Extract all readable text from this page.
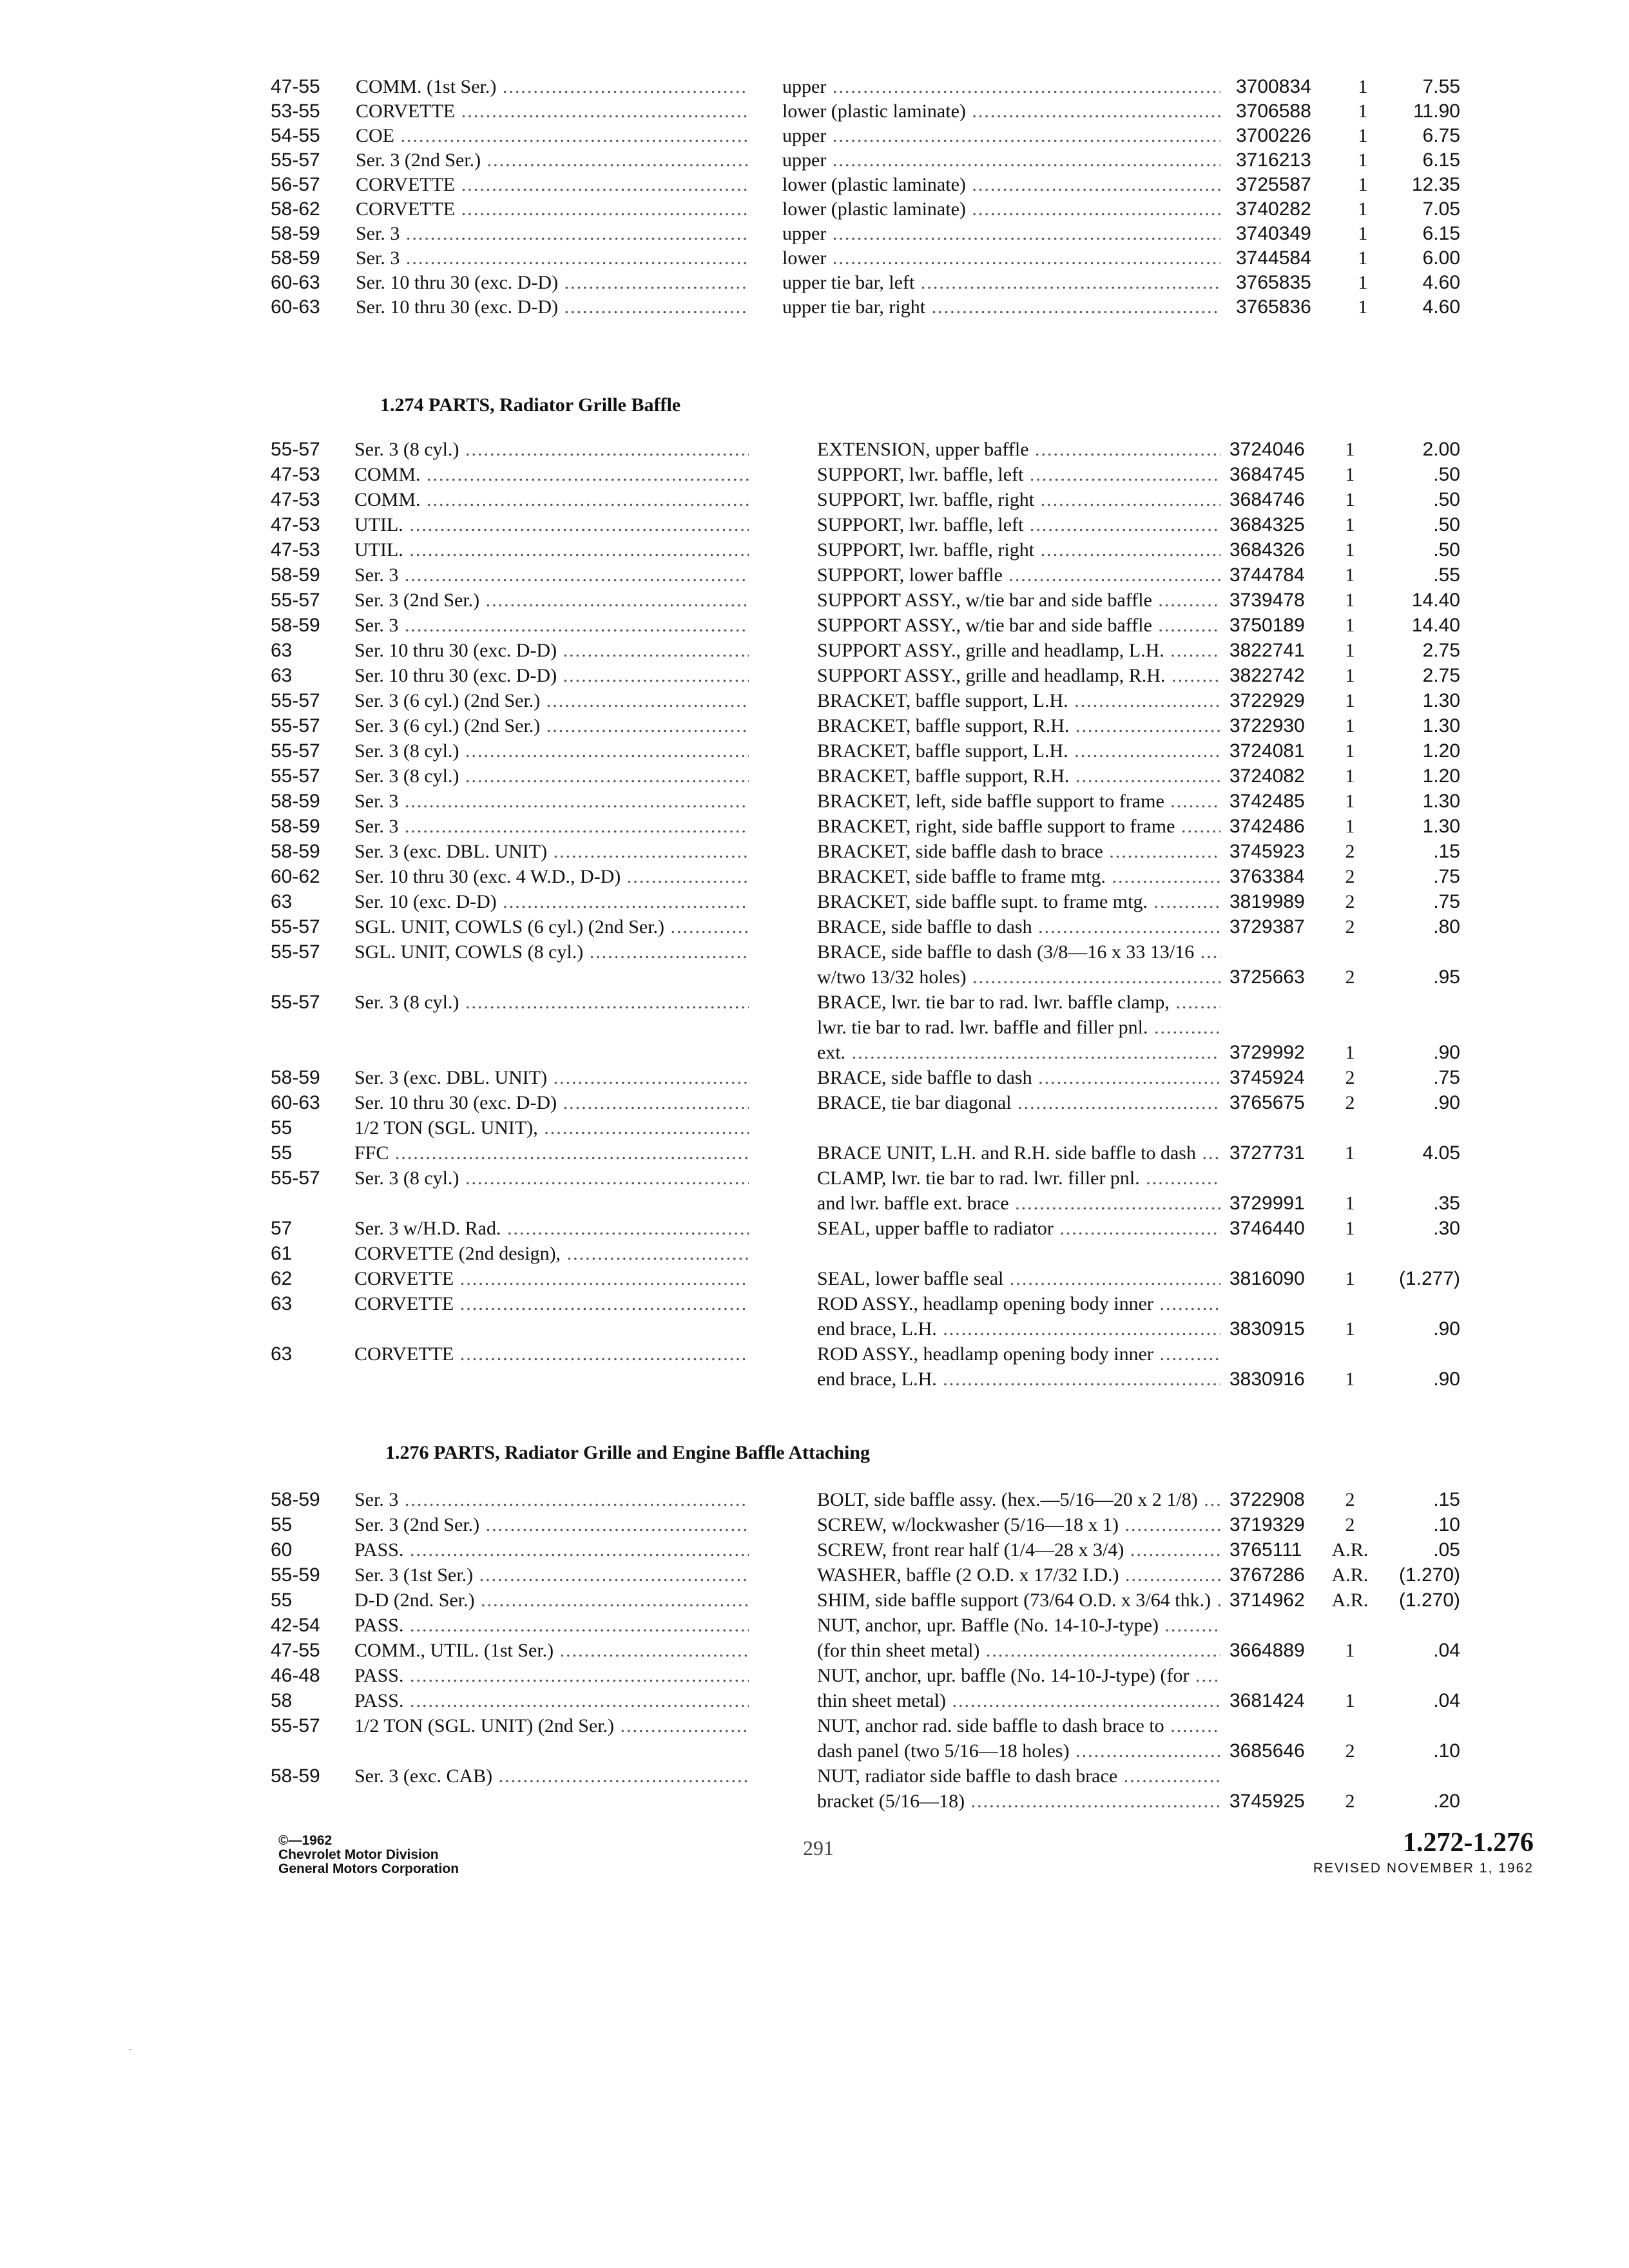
47-55	COMM. (1st Ser.) .....	upper .....	3700834	1	7.55
53-55	CORVETTE .....	lower (plastic laminate) .....	3706588	1	11.90
54-55	COE .....	upper .....	3700226	1	6.75
55-57	Ser. 3 (2nd Ser.) .....	upper .....	3716213	1	6.15
56-57	CORVETTE .....	lower (plastic laminate) .....	3725587	1	12.35
58-62	CORVETTE .....	lower (plastic laminate) .....	3740282	1	7.05
58-59	Ser. 3 .....	upper .....	3740349	1	6.15
58-59	Ser. 3 .....	lower .....	3744584	1	6.00
60-63	Ser. 10 thru 30 (exc. D-D) .....	upper tie bar, left .....	3765835	1	4.60
60-63	Ser. 10 thru 30 (exc. D-D) .....	upper tie bar, right .....	3765836	1	4.60
1.274 PARTS, Radiator Grille Baffle
55-57	Ser. 3 (8 cyl.) .....	EXTENSION, upper baffle .....	3724046	1	2.00
47-53	COMM. .....	SUPPORT, lwr. baffle, left .....	3684745	1	.50
47-53	COMM. .....	SUPPORT, lwr. baffle, right .....	3684746	1	.50
47-53	UTIL. .....	SUPPORT, lwr. baffle, left .....	3684325	1	.50
47-53	UTIL. .....	SUPPORT, lwr. baffle, right .....	3684326	1	.50
58-59	Ser. 3 .....	SUPPORT, lower baffle .....	3744784	1	.55
55-57	Ser. 3 (2nd Ser.) .....	SUPPORT ASSY., w/tie bar and side baffle .....	3739478	1	14.40
58-59	Ser. 3 .....	SUPPORT ASSY., w/tie bar and side baffle .....	3750189	1	14.40
63	Ser. 10 thru 30 (exc. D-D) .....	SUPPORT ASSY., grille and headlamp, L.H. .....	3822741	1	2.75
63	Ser. 10 thru 30 (exc. D-D) .....	SUPPORT ASSY., grille and headlamp, R.H. .....	3822742	1	2.75
55-57	Ser. 3 (6 cyl.) (2nd Ser.) .....	BRACKET, baffle support, L.H. .....	3722929	1	1.30
55-57	Ser. 3 (6 cyl.) (2nd Ser.) .....	BRACKET, baffle support, R.H. .....	3722930	1	1.30
55-57	Ser. 3 (8 cyl.) .....	BRACKET, baffle support, L.H. .....	3724081	1	1.20
55-57	Ser. 3 (8 cyl.) .....	BRACKET, baffle support, R.H. .....	3724082	1	1.20
58-59	Ser. 3 .....	BRACKET, left, side baffle support to frame .....	3742485	1	1.30
58-59	Ser. 3 .....	BRACKET, right, side baffle support to frame .....	3742486	1	1.30
58-59	Ser. 3 (exc. DBL. UNIT) .....	BRACKET, side baffle dash to brace .....	3745923	2	.15
60-62	Ser. 10 thru 30 (exc. 4 W.D., D-D) .....	BRACKET, side baffle to frame mtg. .....	3763384	2	.75
63	Ser. 10 (exc. D-D) .....	BRACKET, side baffle supt. to frame mtg. .....	3819989	2	.75
55-57	SGL. UNIT, COWLS (6 cyl.) (2nd Ser.) .....	BRACE, side baffle to dash .....	3729387	2	.80
55-57	SGL. UNIT, COWLS (8 cyl.) .....	BRACE, side baffle to dash (3/8—16 x 33 13/16 .....
w/two 13/32 holes) .....	3725663	2	.95
55-57	Ser. 3 (8 cyl.) .....	BRACE, lwr. tie bar to rad. lwr. baffle clamp, .....
lwr. tie bar to rad. lwr. baffle and filler pnl. .....
ext. .....	3729992	1	.90
58-59	Ser. 3 (exc. DBL. UNIT) .....	BRACE, side baffle to dash .....	3745924	2	.75
60-63	Ser. 10 thru 30 (exc. D-D) .....	BRACE, tie bar diagonal .....	3765675	2	.90
55	1/2 TON (SGL. UNIT), .....
55	FFC .....	BRACE UNIT, L.H. and R.H. side baffle to dash .....	3727731	1	4.05
55-57	Ser. 3 (8 cyl.) .....	CLAMP, lwr. tie bar to rad. lwr. filler pnl. .....
and lwr. baffle ext. brace .....	3729991	1	.35
57	Ser. 3 w/H.D. Rad. .....	SEAL, upper baffle to radiator .....	3746440	1	.30
61	CORVETTE (2nd design), .....
62	CORVETTE .....	SEAL, lower baffle seal .....	3816090	1	(1.277)
63	CORVETTE .....	ROD ASSY., headlamp opening body inner .....
end brace, L.H. .....	3830915	1	.90
63	CORVETTE .....	ROD ASSY., headlamp opening body inner .....
end brace, L.H. .....	3830916	1	.90
1.276 PARTS, Radiator Grille and Engine Baffle Attaching
58-59	Ser. 3 .....	BOLT, side baffle assy. (hex.—5/16—20 x 2 1/8) .....	3722908	2	.15
55	Ser. 3 (2nd Ser.) .....	SCREW, w/lockwasher (5/16—18 x 1) .....	3719329	2	.10
60	PASS. .....	SCREW, front rear half (1/4—28 x 3/4) .....	3765111	A.R.	.05
55-59	Ser. 3 (1st Ser.) .....	WASHER, baffle (2 O.D. x 17/32 I.D.) .....	3767286	A.R.	(1.270)
55	D-D (2nd. Ser.) .....	SHIM, side baffle support (73/64 O.D. x 3/64 thk.) ..... 3714962	A.R.	(1.270)
42-54	PASS. .....	NUT, anchor, upr. Baffle (No. 14-10-J-type) .....
47-55	COMM., UTIL. (1st Ser.) .....	(for thin sheet metal) .....	3664889	1	.04
46-48	PASS. .....	NUT, anchor, upr. baffle (No. 14-10-J-type) (for .....
58	PASS. .....	thin sheet metal) .....	3681424	1	.04
55-57	1/2 TON (SGL. UNIT) (2nd Ser.) .....	NUT, anchor rad. side baffle to dash brace to .....
dash panel (two 5/16—18 holes) .....	3685646	2	.10
58-59	Ser. 3 (exc. CAB) .....	NUT, radiator side baffle to dash brace .....
bracket (5/16—18) .....	3745925	2	.20
©—1962
Chevrolet Motor Division
General Motors Corporation
291	1.272-1.276
REVISED NOVEMBER 1, 1962
